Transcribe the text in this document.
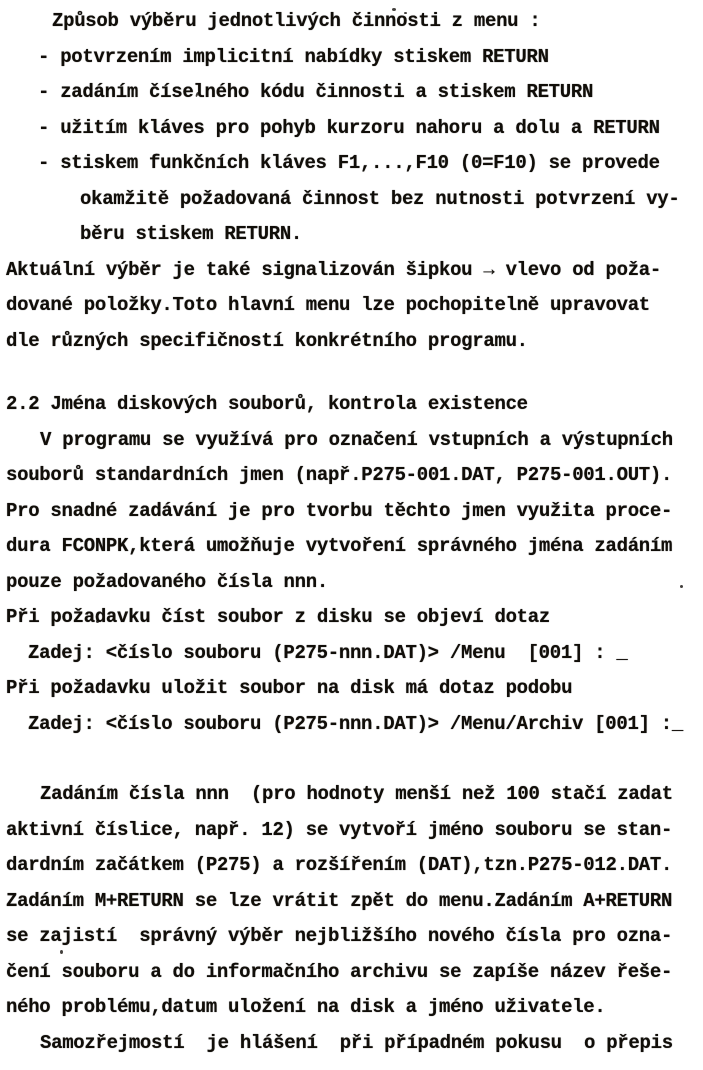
Způsob výběru jednotlivých činnosti z menu :
- potvrzením implicitní nabídky stiskem RETURN
- zadáním číselného kódu činnosti a stiskem RETURN
- užitím kláves pro pohyb kurzoru nahoru a dolu a RETURN
- stiskem funkčních kláves F1,...,F10 (0=F10) se provede
okamžitě požadovaná činnost bez nutnosti potvrzení vy-
běru stiskem RETURN.
Aktuální výběr je také signalizován šipkou → vlevo od poža-
dované položky.Toto hlavní menu lze pochopitelně upravovat
dle různých specifičností konkrétního programu.
2.2 Jména diskových souborů, kontrola existence
V programu se využívá pro označení vstupních a výstupních
souborů standardních jmen (např.P275-001.DAT, P275-001.OUT).
Pro snadné zadávání je pro tvorbu těchto jmen využita proce-
dura FCONPK,která umožňuje vytvoření správného jména zadáním
pouze požadovaného čísla nnn.
Při požadavku číst soubor z disku se objeví dotaz
Zadej: <číslo souboru (P275-nnn.DAT)> /Menu  [001] : _
Při požadavku uložit soubor na disk má dotaz podobu
Zadej: <číslo souboru (P275-nnn.DAT)> /Menu/Archiv [001] :_
Zadáním čísla nnn  (pro hodnoty menší než 100 stačí zadat
aktivní číslice, např. 12) se vytvoří jméno souboru se stan-
dardním začátkem (P275) a rozšířením (DAT),tzn.P275-012.DAT.
Zadáním M+RETURN se lze vrátit zpět do menu.Zadáním A+RETURN
se zajistí  správný výběr nejbližšího nového čísla pro ozna-
čení souboru a do informačního archivu se zapíše název řeše-
ného problému,datum uložení na disk a jméno uživatele.
Samozřejmostí  je hlášení  při případném pokusu  o přepis
